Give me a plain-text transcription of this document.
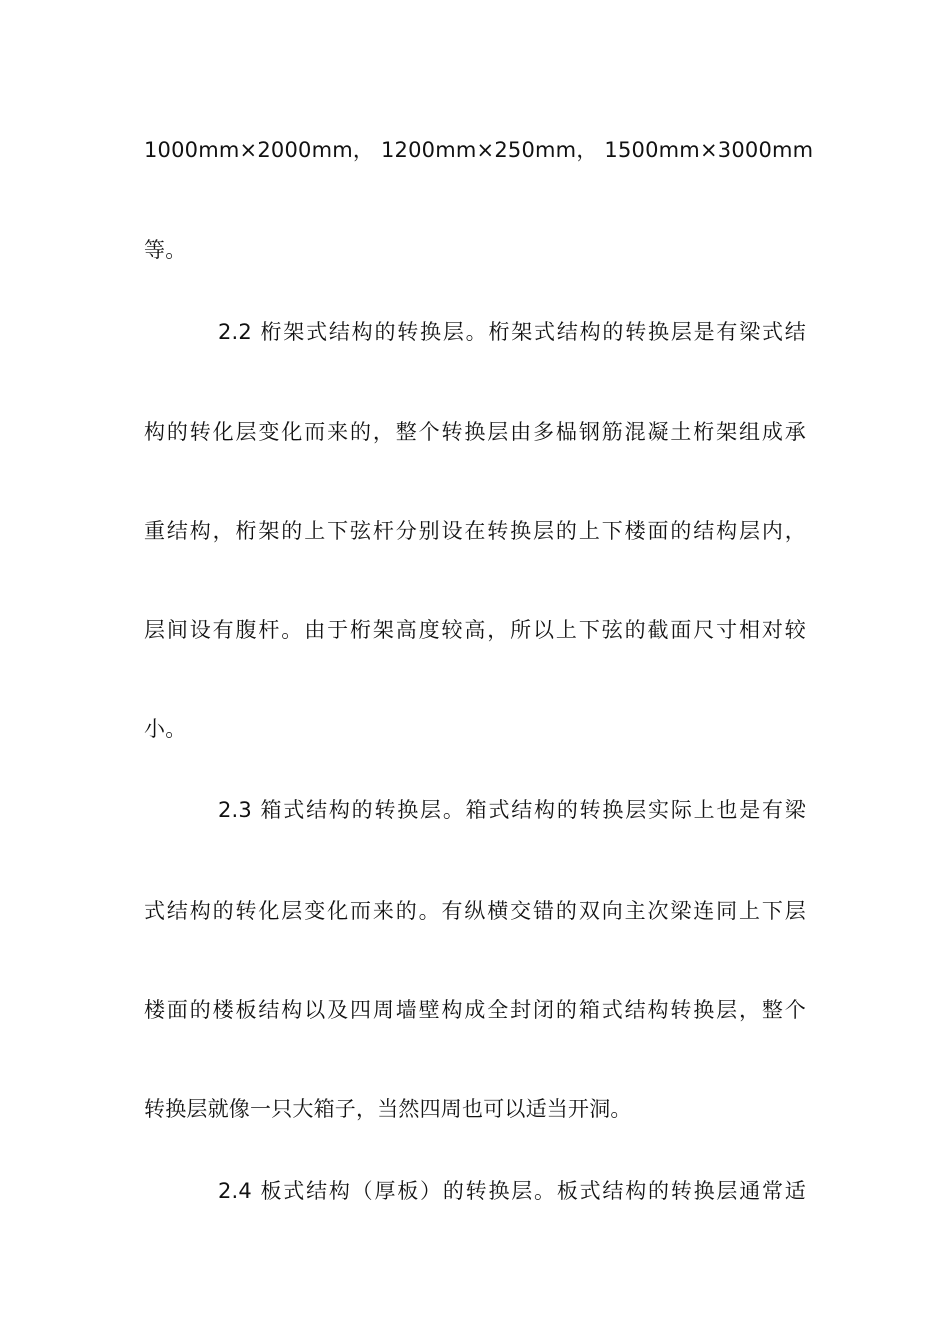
1000mm×2000mm， 1200mm×250mm， 1500mm×3000mm
等。
2.2 桁架式结构的转换层。桁架式结构的转换层是有梁式结
构的转化层变化而来的，整个转换层由多榀钢筋混凝土桁架组成承
重结构，桁架的上下弦杆分别设在转换层的上下楼面的结构层内，
层间设有腹杆。由于桁架高度较高，所以上下弦的截面尺寸相对较
小。
2.3 箱式结构的转换层。箱式结构的转换层实际上也是有梁
式结构的转化层变化而来的。有纵横交错的双向主次梁连同上下层
楼面的楼板结构以及四周墙壁构成全封闭的箱式结构转换层，整个
转换层就像一只大箱子，当然四周也可以适当开洞。
2.4 板式结构（厚板）的转换层。板式结构的转换层通常适
